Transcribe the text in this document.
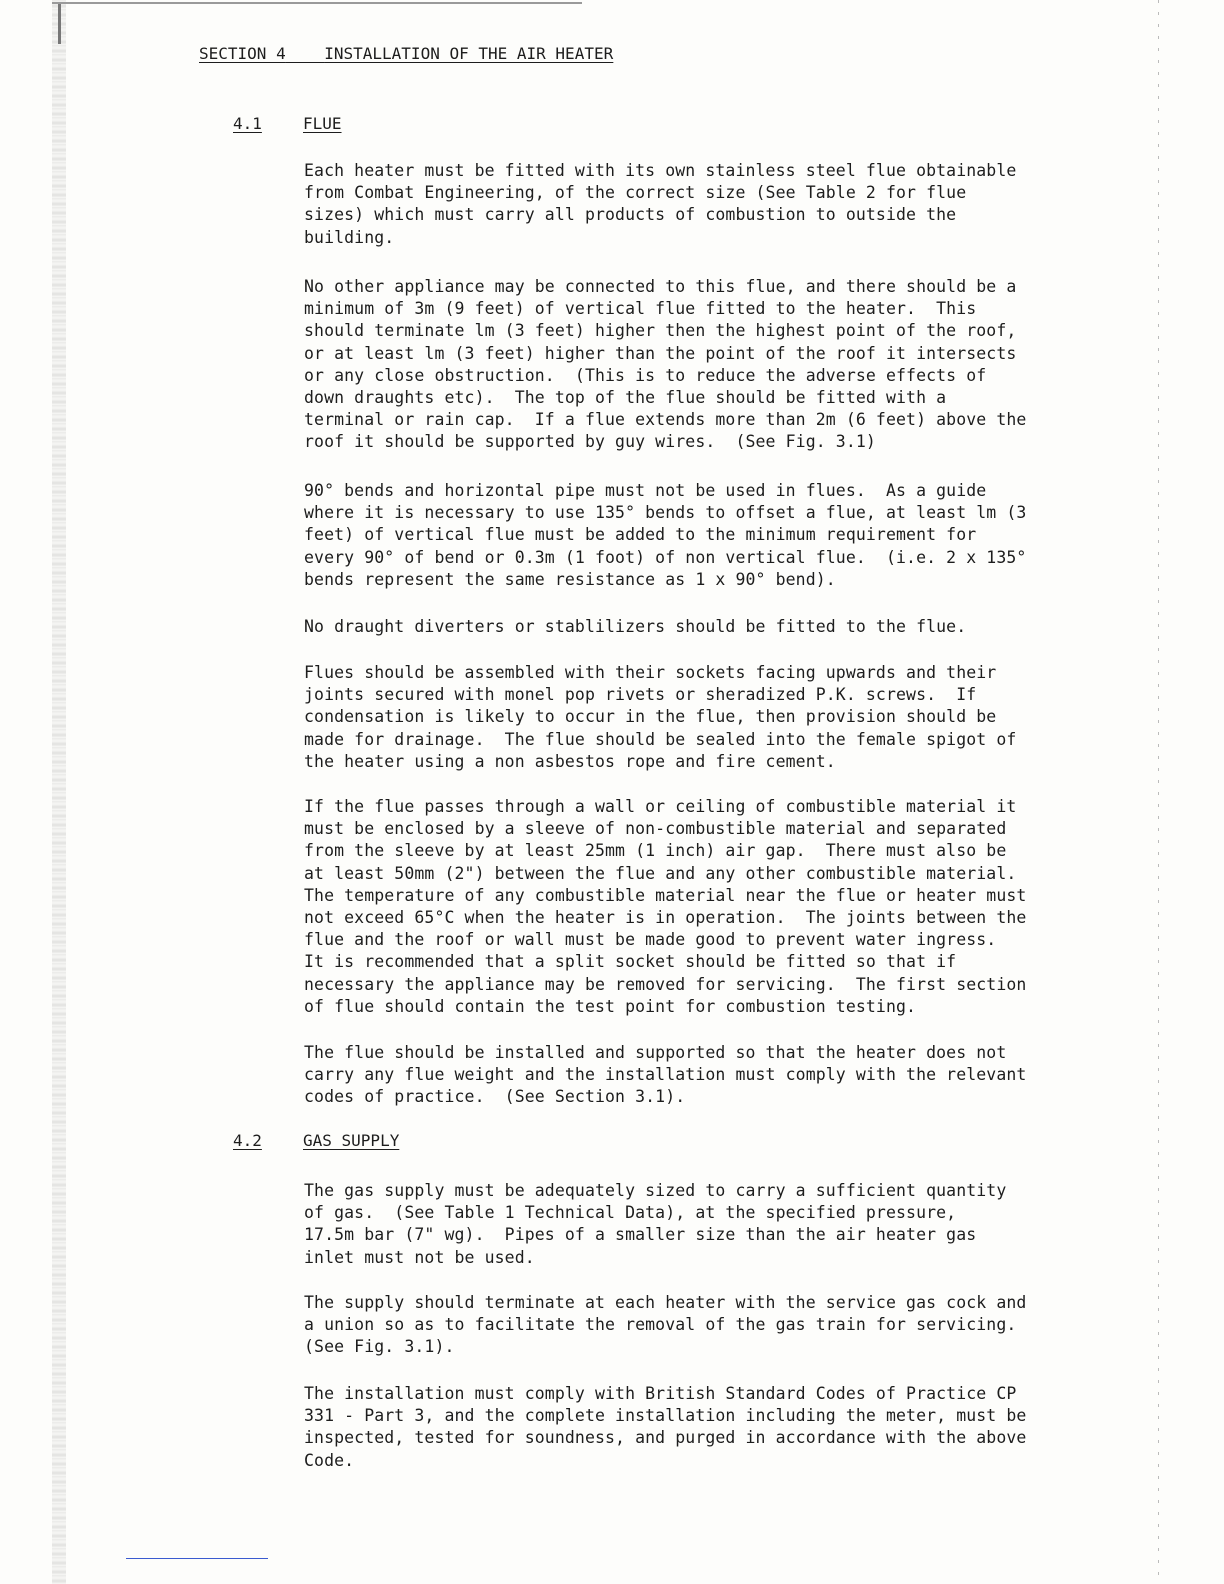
SECTION 4 INSTALLATION OF THE AIR HEATER
4.1	FLUE
Each heater must be fitted with its own stainless steel flue obtainable
from Combat Engineering, of the correct size (See Table 2 for flue
sizes) which must carry all products of combustion to outside the
building.
No other appliance may be connected to this flue, and there should be a
minimum of 3m (9 feet) of vertical flue fitted to the heater.  This
should terminate lm (3 feet) higher then the highest point of the roof,
or at least lm (3 feet) higher than the point of the roof it intersects
or any close obstruction.  (This is to reduce the adverse effects of
down draughts etc).  The top of the flue should be fitted with a
terminal or rain cap.  If a flue extends more than 2m (6 feet) above the
roof it should be supported by guy wires.  (See Fig. 3.1)
90° bends and horizontal pipe must not be used in flues.  As a guide
where it is necessary to use 135° bends to offset a flue, at least lm (3
feet) of vertical flue must be added to the minimum requirement for
every 90° of bend or 0.3m (1 foot) of non vertical flue.  (i.e. 2 x 135°
bends represent the same resistance as 1 x 90° bend).
No draught diverters or stablilizers should be fitted to the flue.
Flues should be assembled with their sockets facing upwards and their
joints secured with monel pop rivets or sheradized P.K. screws.  If
condensation is likely to occur in the flue, then provision should be
made for drainage.  The flue should be sealed into the female spigot of
the heater using a non asbestos rope and fire cement.
If the flue passes through a wall or ceiling of combustible material it
must be enclosed by a sleeve of non-combustible material and separated
from the sleeve by at least 25mm (1 inch) air gap.  There must also be
at least 50mm (2") between the flue and any other combustible material.
The temperature of any combustible material near the flue or heater must
not exceed 65°C when the heater is in operation.  The joints between the
flue and the roof or wall must be made good to prevent water ingress.
It is recommended that a split socket should be fitted so that if
necessary the appliance may be removed for servicing.  The first section
of flue should contain the test point for combustion testing.
The flue should be installed and supported so that the heater does not
carry any flue weight and the installation must comply with the relevant
codes of practice.  (See Section 3.1).
4.2	GAS SUPPLY
The gas supply must be adequately sized to carry a sufficient quantity
of gas.  (See Table 1 Technical Data), at the specified pressure,
17.5m bar (7" wg).  Pipes of a smaller size than the air heater gas
inlet must not be used.
The supply should terminate at each heater with the service gas cock and
a union so as to facilitate the removal of the gas train for servicing.
(See Fig. 3.1).
The installation must comply with British Standard Codes of Practice CP
331 - Part 3, and the complete installation including the meter, must be
inspected, tested for soundness, and purged in accordance with the above
Code.
